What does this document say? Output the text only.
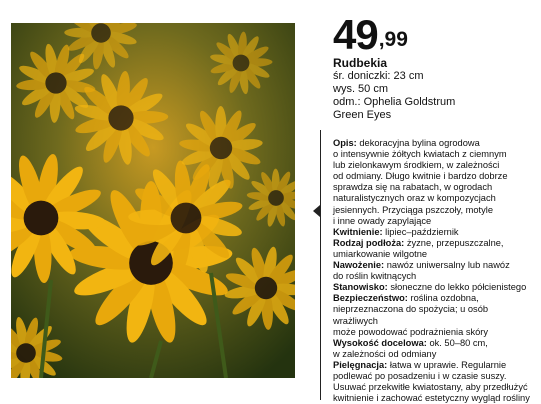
49,99
Rudbekia
śr. doniczki: 23 cm
wys. 50 cm
odm.: Ophelia Goldstrum
Green Eyes

Opis: dekoracyjna bylina ogrodowa
o intensywnie żółtych kwiatach z ciemnym
lub zielonkawym środkiem, w zależności
od odmiany. Długo kwitnie i bardzo dobrze
sprawdza się na rabatach, w ogrodach
naturalistycznych oraz w kompozycjach
jesiennych. Przyciąga pszczoły, motyle
i inne owady zapylające

Kwitnienie: lipiec–październik

Rodzaj podłoża: żyzne, przepuszczalne,
umiarkowanie wilgotne

Nawożenie: nawóz uniwersalny lub nawóz
do roślin kwitnących

Stanowisko: słoneczne do lekko półcienistego

Bezpieczeństwo: roślina ozdobna,
nieprzeznaczona do spożycia; u osób wrażliwych
może powodować podrażnienia skóry

Wysokość docelowa: ok. 50–80 cm,
w zależności od odmiany

Pielęgnacja: łatwa w uprawie. Regularnie
podlewać po posadzeniu i w czasie suszy.
Usuwać przekwitłe kwiatostany, aby przedłużyć
kwitnienie i zachować estetyczny wygląd rośliny
